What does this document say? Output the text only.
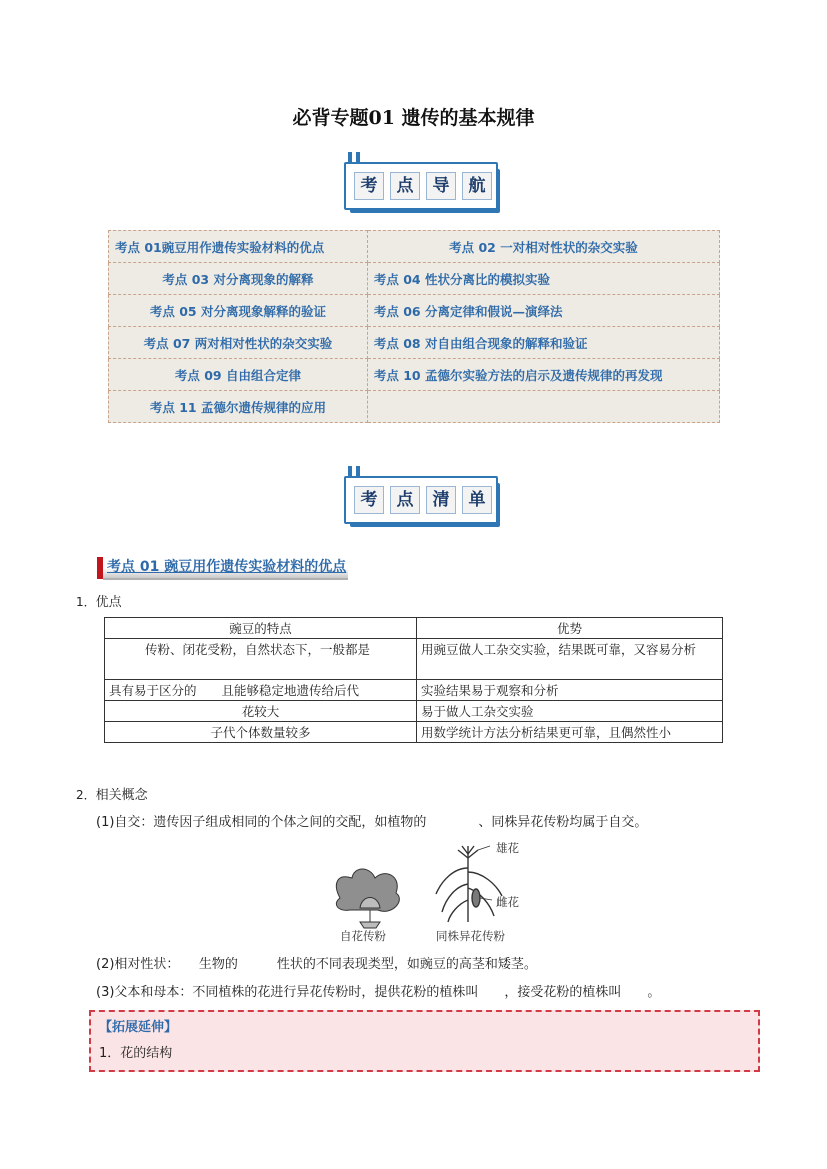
必背专题01 遗传的基本规律
考	点	导	航
考点 01豌豆用作遗传实验材料的优点	考点 02 一对相对性状的杂交实验
考点 03 对分离现象的解释	考点 04 性状分离比的模拟实验
考点 05 对分离现象解释的验证	考点 06 分离定律和假说—演绎法
考点 07 两对相对性状的杂交实验	考点 08 对自由组合现象的解释和验证
考点 09 自由组合定律	考点 10 孟德尔实验方法的启示及遗传规律的再发现
考点 11 孟德尔遗传规律的应用	
考	点	清	单
考点 01 豌豆用作遗传实验材料的优点
1．优点
豌豆的特点	优势
传粉、闭花受粉，自然状态下，一般都是	用豌豆做人工杂交实验，结果既可靠，又容易分析
具有易于区分的　　且能够稳定地遗传给后代	实验结果易于观察和分析
花较大	易于做人工杂交实验
子代个体数量较多	用数学统计方法分析结果更可靠，且偶然性小
2．相关概念
(1)自交：遗传因子组成相同的个体之间的交配，如植物的　　　　、同株异花传粉均属于自交。
雄花
雌花
自花传粉	同株异花传粉
(2)相对性状：　　生物的　　　性状的不同表现类型，如豌豆的高茎和矮茎。
(3)父本和母本：不同植株的花进行异花传粉时，提供花粉的植株叫　　，接受花粉的植株叫　　。
【拓展延伸】
1．花的结构
